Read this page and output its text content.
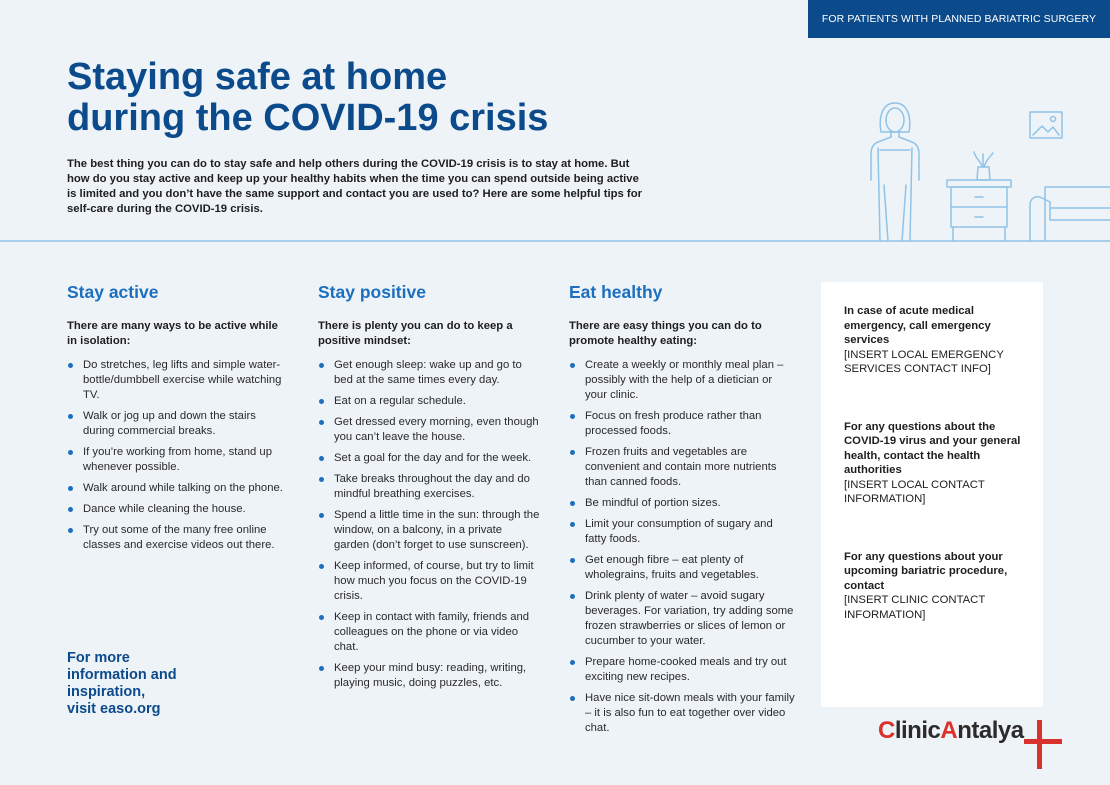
FOR PATIENTS WITH PLANNED BARIATRIC SURGERY
Staying safe at home
during the COVID-19 crisis

The best thing you can do to stay safe and help others during the COVID-19 crisis is to stay at home. But how do you stay active and keep up your healthy habits when the time you can spend outside being active is limited and you don’t have the same support and contact you are used to? Here are some helpful tips for self-care during the COVID-19 crisis.

Stay active

There are many ways to be active while in isolation:

Do stretches, leg lifts and simple water-bottle/dumbbell exercise while watching TV.
Walk or jog up and down the stairs during commercial breaks.
If you’re working from home, stand up whenever possible.
Walk around while talking on the phone.
Dance while cleaning the house.
Try out some of the many free online classes and exercise videos out there.
Stay positive

There is plenty you can do to keep a positive mindset:

Get enough sleep: wake up and go to bed at the same times every day.
Eat on a regular schedule.
Get dressed every morning, even though you can’t leave the house.
Set a goal for the day and for the week.
Take breaks throughout the day and do mindful breathing exercises.
Spend a little time in the sun: through the window, on a balcony, in a private garden (don’t forget to use sunscreen).
Keep informed, of course, but try to limit how much you focus on the COVID-19 crisis.
Keep in contact with family, friends and colleagues on the phone or via video chat.
Keep your mind busy: reading, writing, playing music, doing puzzles, etc.
Eat healthy

There are easy things you can do to promote healthy eating:

Create a weekly or monthly meal plan – possibly with the help of a dietician or your clinic.
Focus on fresh produce rather than processed foods.
Frozen fruits and vegetables are convenient and contain more nutrients than canned foods.
Be mindful of portion sizes.
Limit your consumption of sugary and fatty foods.
Get enough fibre – eat plenty of wholegrains, fruits and vegetables.
Drink plenty of water – avoid sugary beverages. For variation, try adding some frozen strawberries or slices of lemon or cucumber to your water.
Prepare home-cooked meals and try out exciting new recipes.
Have nice sit-down meals with your family – it is also fun to eat together over video chat.
For more
information and
inspiration,
visit easo.org
In case of acute medical emergency, call emergency services
[INSERT LOCAL EMERGENCY SERVICES CONTACT INFO]
For any questions about the COVID-19 virus and your general health, contact the health authorities
[INSERT LOCAL CONTACT INFORMATION]
For any questions about your upcoming bariatric procedure, contact
[INSERT CLINIC CONTACT INFORMATION]
ClinicAntalya
